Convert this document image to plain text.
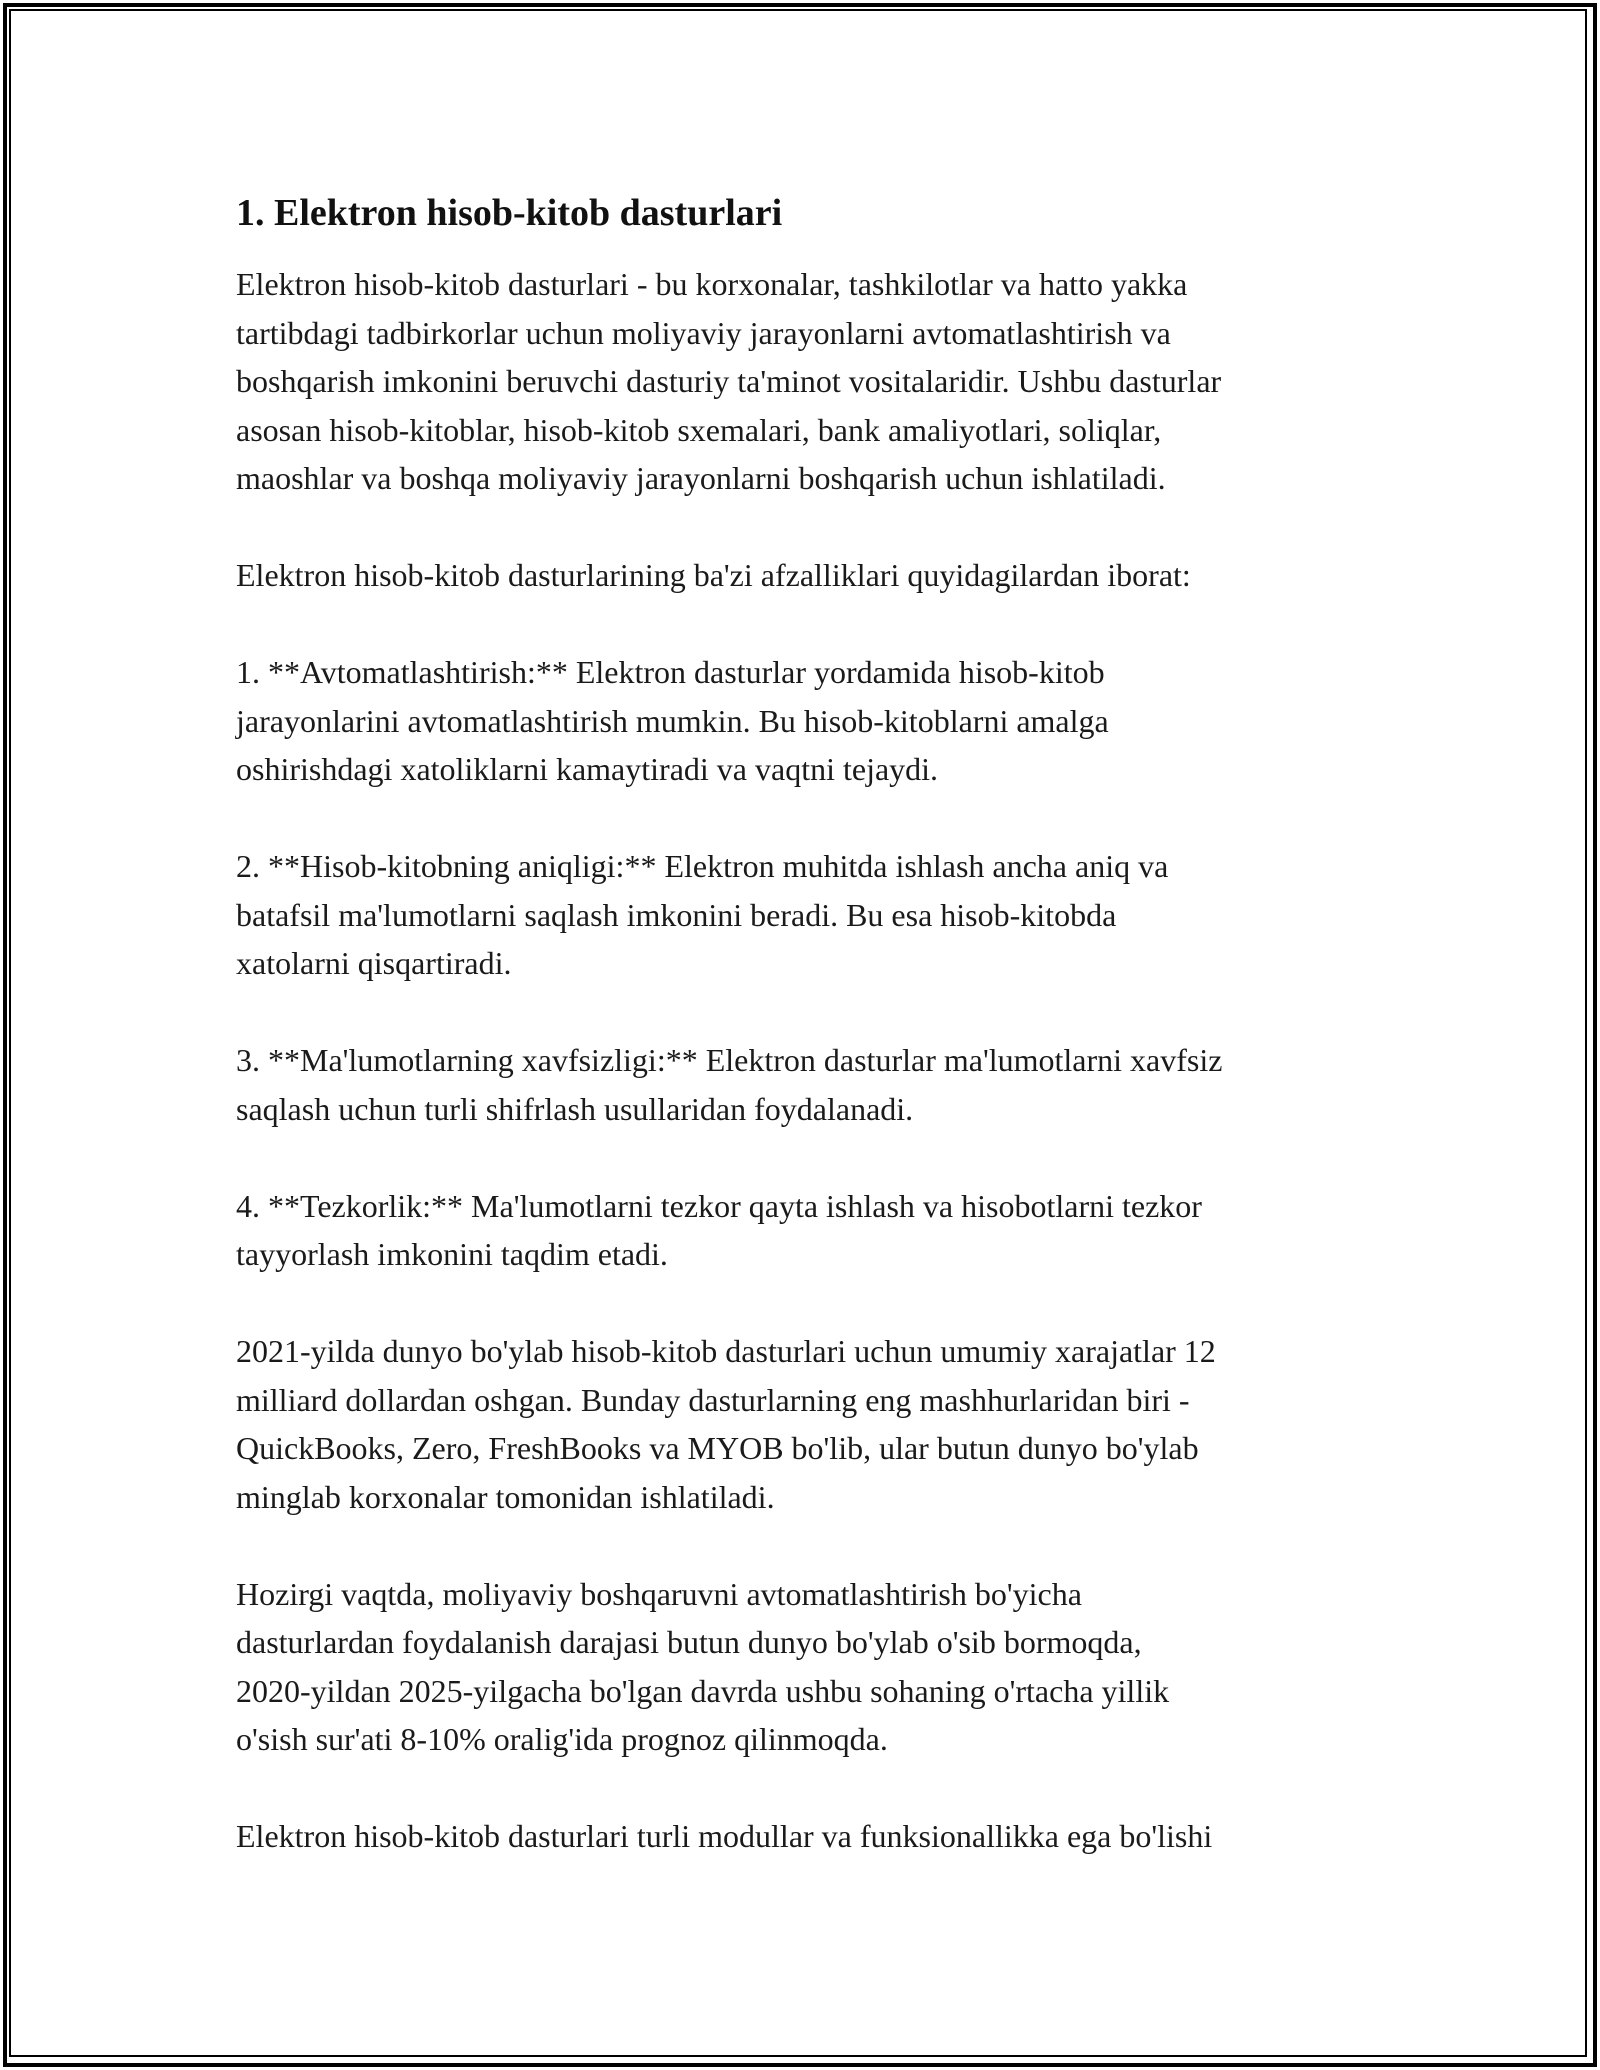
1. Elektron hisob-kitob dasturlari

Elektron hisob-kitob dasturlari - bu korxonalar, tashkilotlar va hatto yakka
tartibdagi tadbirkorlar uchun moliyaviy jarayonlarni avtomatlashtirish va
boshqarish imkonini beruvchi dasturiy ta'minot vositalaridir. Ushbu dasturlar
asosan hisob-kitoblar, hisob-kitob sxemalari, bank amaliyotlari, soliqlar,
maoshlar va boshqa moliyaviy jarayonlarni boshqarish uchun ishlatiladi.

Elektron hisob-kitob dasturlarining ba'zi afzalliklari quyidagilardan iborat:

1. **Avtomatlashtirish:** Elektron dasturlar yordamida hisob-kitob
jarayonlarini avtomatlashtirish mumkin. Bu hisob-kitoblarni amalga
oshirishdagi xatoliklarni kamaytiradi va vaqtni tejaydi.

2. **Hisob-kitobning aniqligi:** Elektron muhitda ishlash ancha aniq va
batafsil ma'lumotlarni saqlash imkonini beradi. Bu esa hisob-kitobda
xatolarni qisqartiradi.

3. **Ma'lumotlarning xavfsizligi:** Elektron dasturlar ma'lumotlarni xavfsiz
saqlash uchun turli shifrlash usullaridan foydalanadi.

4. **Tezkorlik:** Ma'lumotlarni tezkor qayta ishlash va hisobotlarni tezkor
tayyorlash imkonini taqdim etadi.

2021-yilda dunyo bo'ylab hisob-kitob dasturlari uchun umumiy xarajatlar 12
milliard dollardan oshgan. Bunday dasturlarning eng mashhurlaridan biri -
QuickBooks, Zero, FreshBooks va MYOB bo'lib, ular butun dunyo bo'ylab
minglab korxonalar tomonidan ishlatiladi.

Hozirgi vaqtda, moliyaviy boshqaruvni avtomatlashtirish bo'yicha
dasturlardan foydalanish darajasi butun dunyo bo'ylab o'sib bormoqda,
2020-yildan 2025-yilgacha bo'lgan davrda ushbu sohaning o'rtacha yillik
o'sish sur'ati 8-10% oralig'ida prognoz qilinmoqda.

Elektron hisob-kitob dasturlari turli modullar va funksionallikka ega bo'lishi
